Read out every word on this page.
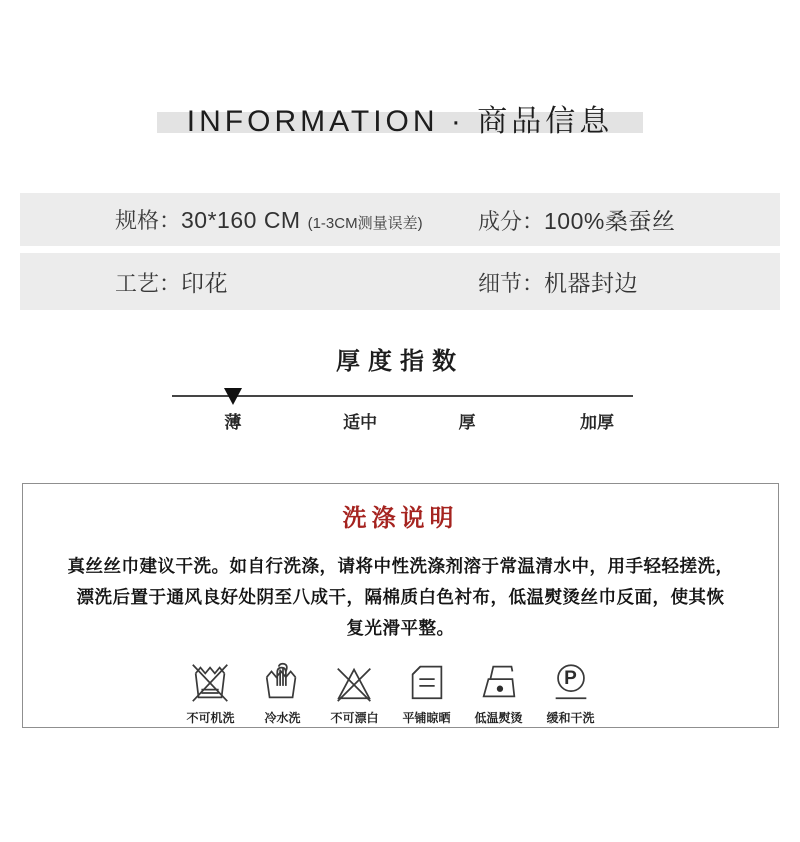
INFORMATION · 商品信息
规格： 30*160 CM (1-3CM测量误差)	成分： 100%桑蚕丝
工艺： 印花	细节： 机器封边
厚度指数
薄	适中	厚	加厚
洗涤说明
真丝丝巾建议干洗。如自行洗涤，请将中性洗涤剂溶于常温清水中，用手轻轻搓洗，
漂洗后置于通风良好处阴至八成干，隔棉质白色衬布，低温熨烫丝巾反面，使其恢
复光滑平整。
不可机洗 冷水洗 不可漂白 平铺晾晒 低温熨烫
P
缓和干洗
